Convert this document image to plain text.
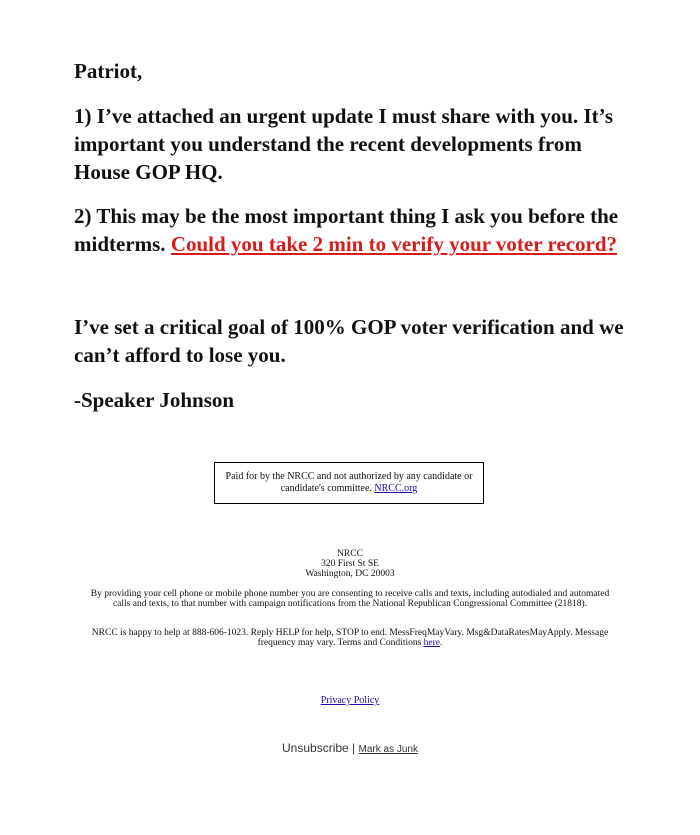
Patriot,

1) I’ve attached an urgent update I must share with you. It’s important you understand the recent developments from House GOP HQ.

2) This may be the most important thing I ask you before the midterms. Could you take 2 min to verify your voter record?

I’ve set a critical goal of 100% GOP voter verification and we can’t afford to lose you.

-Speaker Johnson

Paid for by the NRCC and not authorized by any candidate or candidate's committee. NRCC.org
NRCC
320 First St SE
Washington, DC 20003
By providing your cell phone or mobile phone number you are consenting to receive calls and texts, including autodialed and automated calls and texts, to that number with campaign notifications from the National Republican Congressional Committee (21818).
NRCC is happy to help at 888-606-1023. Reply HELP for help, STOP to end. MessFreqMayVary. Msg&DataRatesMayApply. Message frequency may vary. Terms and Conditions here.
Privacy Policy
Unsubscribe | Mark as Junk
